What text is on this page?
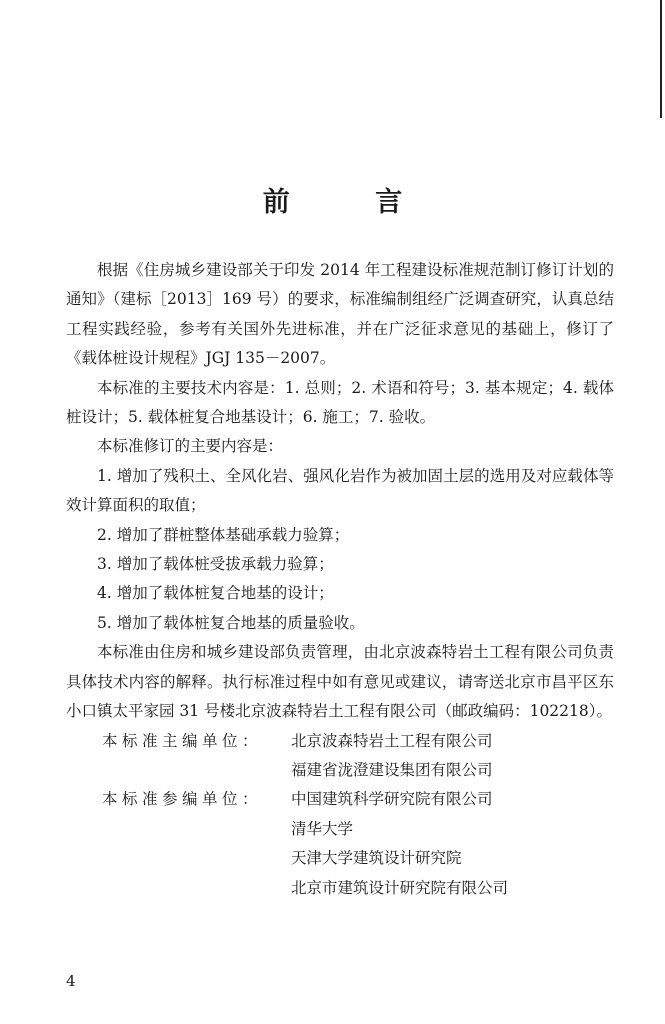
前 言

根据《住房城乡建设部关于印发 2014 年工程建设标准规范制订修订计划的通知》（建标［2013］169 号）的要求，标准编制组经广泛调查研究，认真总结工程实践经验，参考有关国外先进标准，并在广泛征求意见的基础上，修订了《载体桩设计规程》JGJ 135－2007。

本标准的主要技术内容是：1. 总则；2. 术语和符号；3. 基本规定；4. 载体桩设计；5. 载体桩复合地基设计；6. 施工；7. 验收。

本标准修订的主要内容是：

1. 增加了残积土、全风化岩、强风化岩作为被加固土层的选用及对应载体等效计算面积的取值；

2. 增加了群桩整体基础承载力验算；

3. 增加了载体桩受拔承载力验算；

4. 增加了载体桩复合地基的设计；

5. 增加了载体桩复合地基的质量验收。

本标准由住房和城乡建设部负责管理，由北京波森特岩土工程有限公司负责具体技术内容的解释。执行标准过程中如有意见或建议，请寄送北京市昌平区东小口镇太平家园 31 号楼北京波森特岩土工程有限公司（邮政编码：102218）。

本标准主编单位：	北京波森特岩土工程有限公司
福建省泷澄建设集团有限公司
本标准参编单位：	中国建筑科学研究院有限公司
清华大学
天津大学建筑设计研究院
北京市建筑设计研究院有限公司
4
